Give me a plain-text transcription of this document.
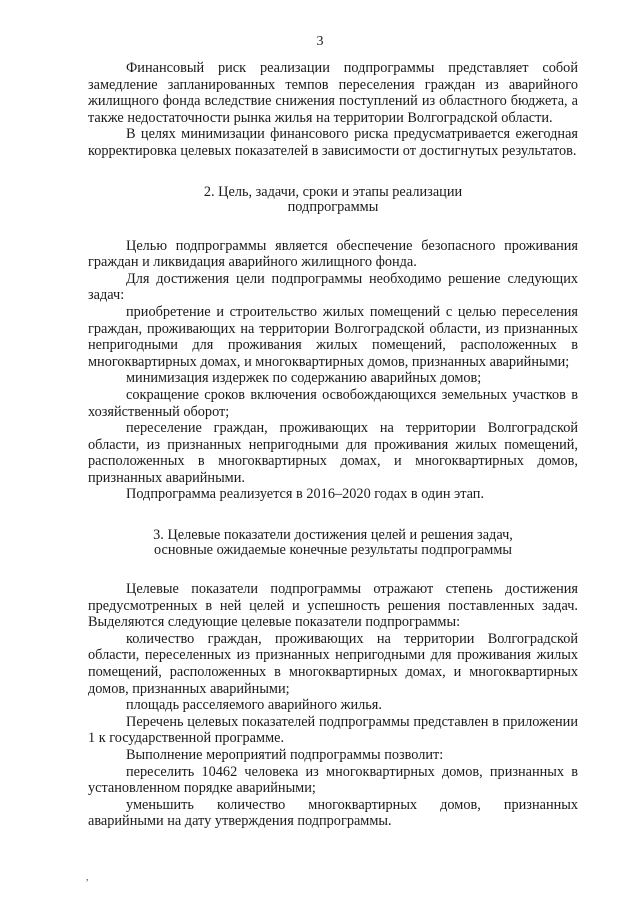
3

Финансовый риск реализации подпрограммы представляет собой замедление запланированных темпов переселения граждан из аварийного жилищного фонда вследствие снижения поступлений из областного бюджета, а также недостаточности рынка жилья на территории Волгоградской области.

В целях минимизации финансового риска предусматривается ежегодная корректировка целевых показателей в зависимости от достигнутых результатов.

2. Цель, задачи, сроки и этапы реализации
подпрограммы

Целью подпрограммы является обеспечение безопасного проживания граждан и ликвидация аварийного жилищного фонда.

Для достижения цели подпрограммы необходимо решение следующих задач:

приобретение и строительство жилых помещений с целью переселения граждан, проживающих на территории Волгоградской области, из признанных непригодными для проживания жилых помещений, расположенных в многоквартирных домах, и многоквартирных домов, признанных аварийными;

минимизация издержек по содержанию аварийных домов;

сокращение сроков включения освобождающихся земельных участков в хозяйственный оборот;

переселение граждан, проживающих на территории Волгоградской области, из признанных непригодными для проживания жилых помещений, расположенных в многоквартирных домах, и многоквартирных домов, признанных аварийными.

Подпрограмма реализуется в 2016–2020 годах в один этап.

3. Целевые показатели достижения целей и решения задач,
основные ожидаемые конечные результаты подпрограммы

Целевые показатели подпрограммы отражают степень достижения предусмотренных в ней целей и успешность решения поставленных задач. Выделяются следующие целевые показатели подпрограммы:

количество граждан, проживающих на территории Волгоградской области, переселенных из признанных непригодными для проживания жилых помещений, расположенных в многоквартирных домах, и многоквартирных домов, признанных аварийными;

площадь расселяемого аварийного жилья.

Перечень целевых показателей подпрограммы представлен в приложении 1 к государственной программе.

Выполнение мероприятий подпрограммы позволит:

переселить 10462 человека из многоквартирных домов, признанных в установленном порядке аварийными;

уменьшить количество многоквартирных домов, признанных аварийными на дату утверждения подпрограммы.

,
